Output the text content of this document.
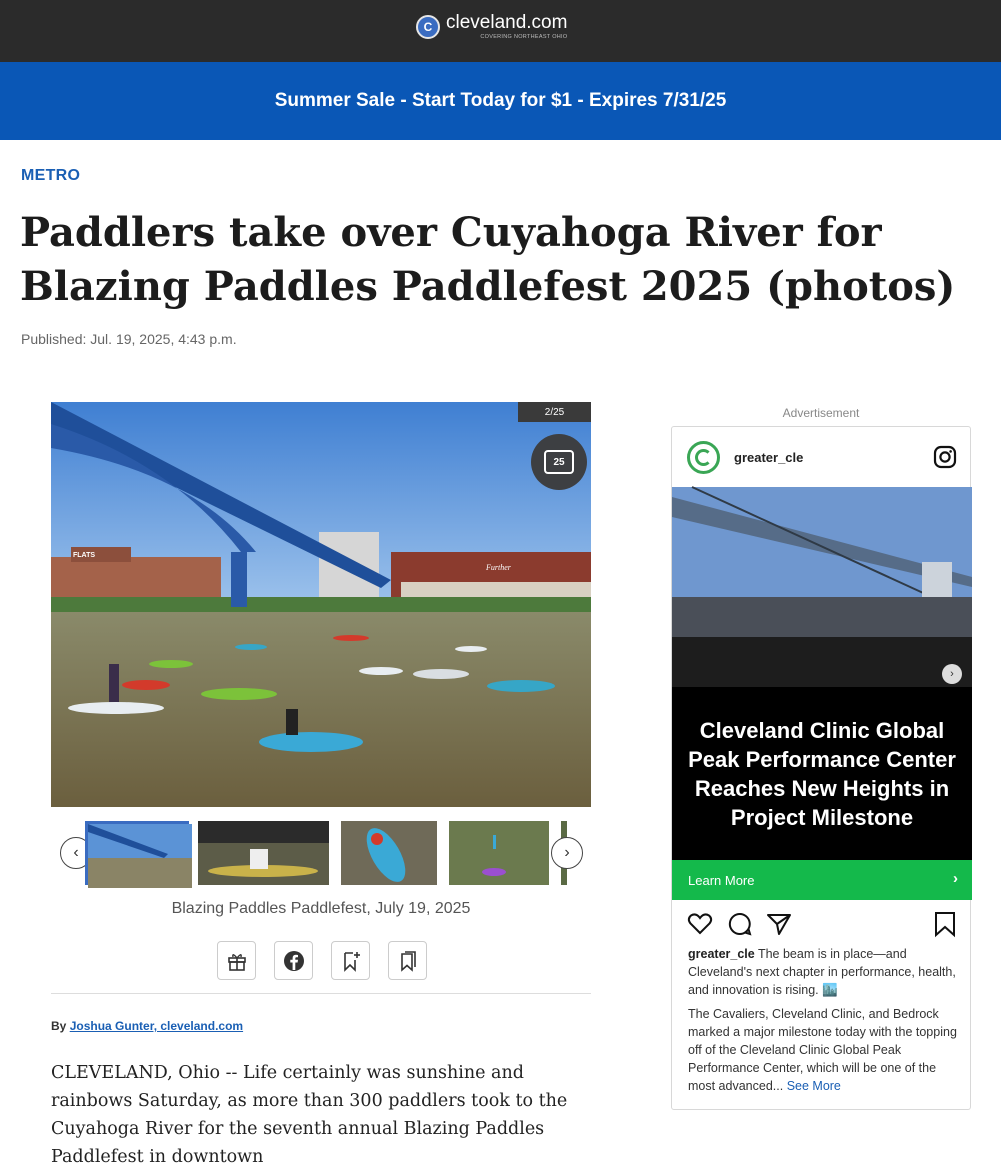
C cleveland.com
COVERING NORTHEAST OHIO
Summer Sale - Start Today for $1 - Expires 7/31/25
METRO
Paddlers take over Cuyahoga River for Blazing Paddles Paddlefest 2025 (photos)
Published: Jul. 19, 2025, 4:43 p.m.
FLATS
Further
2/25
25
‹	›
Blazing Paddles Paddlefest, July 19, 2025
By Joshua Gunter, cleveland.com

CLEVELAND, Ohio -- Life certainly was sunshine and rainbows Saturday, as more than 300 paddlers took to the Cuyahoga River for the seventh annual Blazing Paddles Paddlefest in downtown

Advertisement
greater_cle
›
Cleveland Clinic Global Peak Performance Center Reaches New Heights in Project Milestone
Learn More	›

greater_cle The beam is in place—and Cleveland's next chapter in performance, health, and innovation is rising. 🏙️

The Cavaliers, Cleveland Clinic, and Bedrock marked a major milestone today with the topping off of the Cleveland Clinic Global Peak Performance Center, which will be one of the most advanced... See More
